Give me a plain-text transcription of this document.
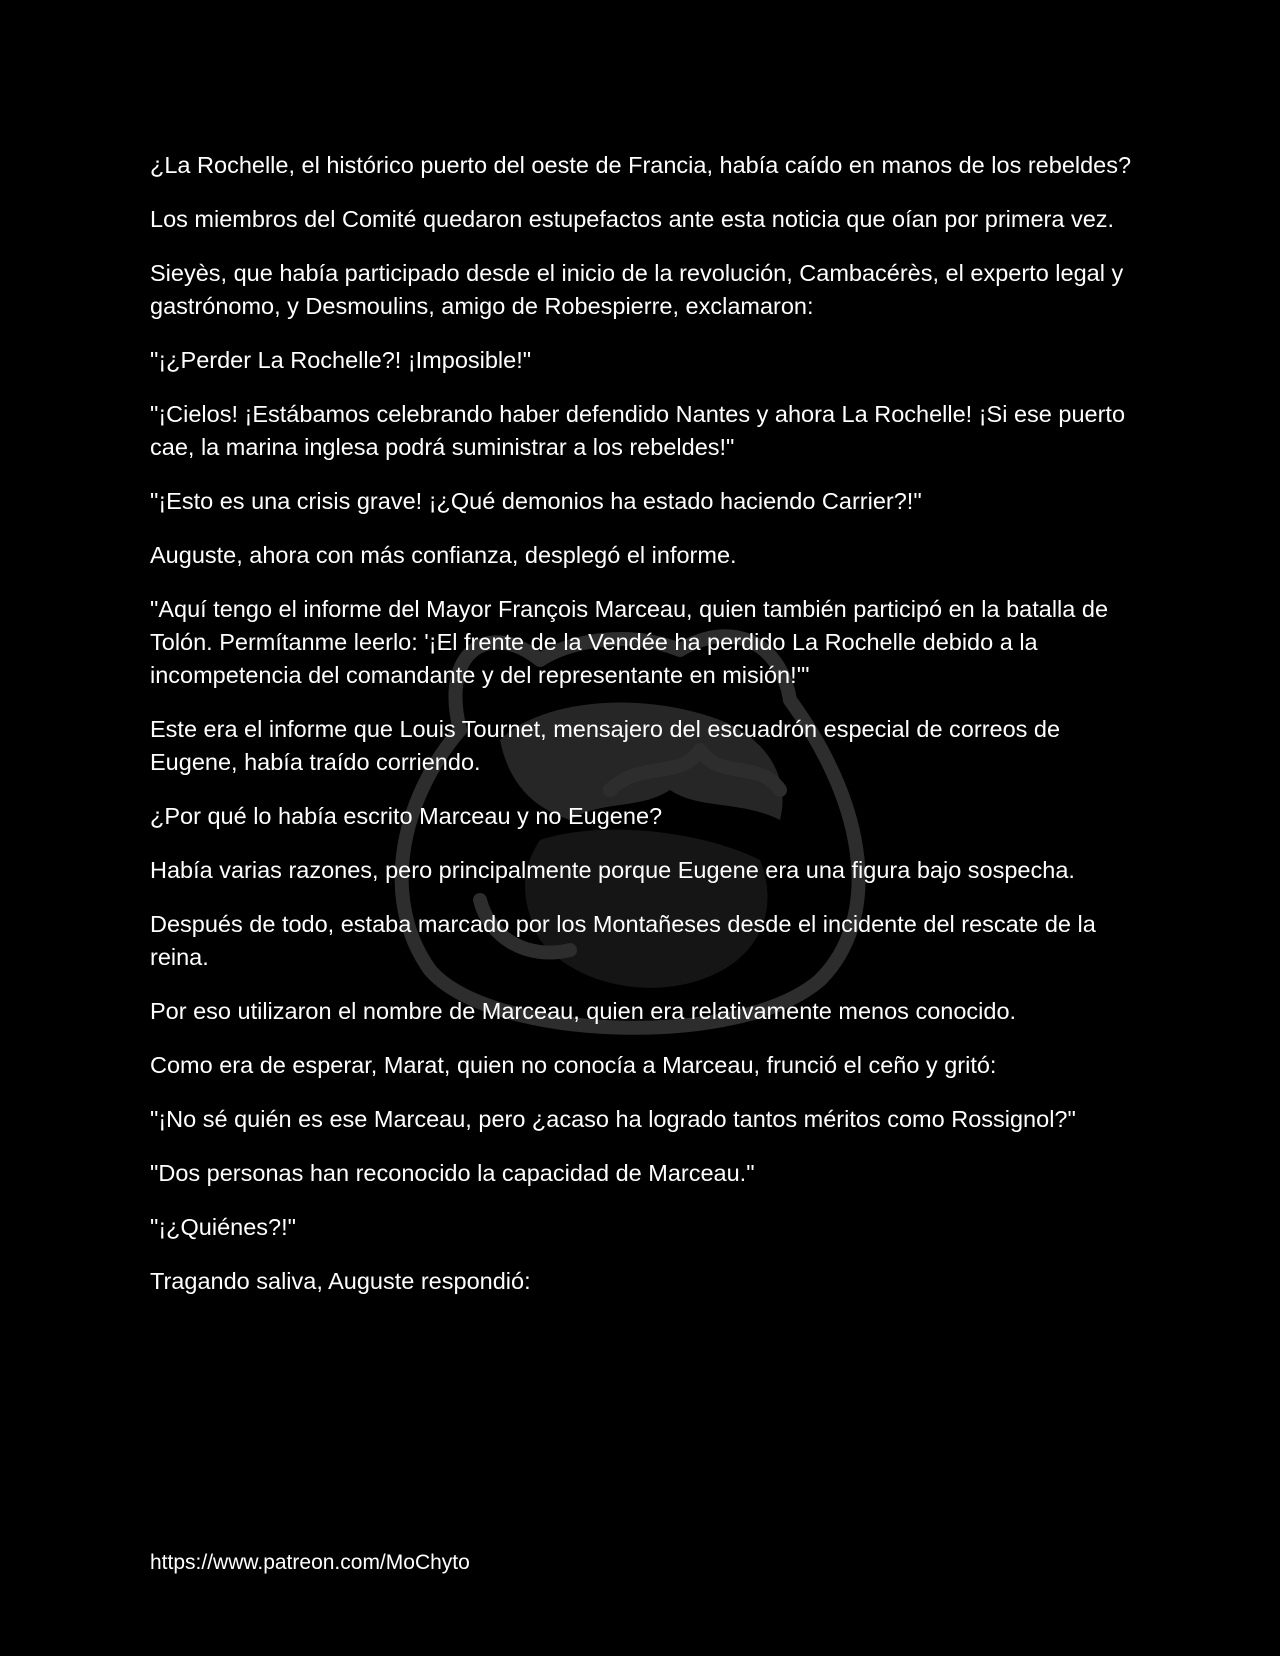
¿La Rochelle, el histórico puerto del oeste de Francia, había caído en manos de los rebeldes?

Los miembros del Comité quedaron estupefactos ante esta noticia que oían por primera vez.

Sieyès, que había participado desde el inicio de la revolución, Cambacérès, el experto legal y gastrónomo, y Desmoulins, amigo de Robespierre, exclamaron:

"¡¿Perder La Rochelle?! ¡Imposible!"

"¡Cielos! ¡Estábamos celebrando haber defendido Nantes y ahora La Rochelle! ¡Si ese puerto cae, la marina inglesa podrá suministrar a los rebeldes!"

"¡Esto es una crisis grave! ¡¿Qué demonios ha estado haciendo Carrier?!"

Auguste, ahora con más confianza, desplegó el informe.

"Aquí tengo el informe del Mayor François Marceau, quien también participó en la batalla de Tolón. Permítanme leerlo: '¡El frente de la Vendée ha perdido La Rochelle debido a la incompetencia del comandante y del representante en misión!'"

Este era el informe que Louis Tournet, mensajero del escuadrón especial de correos de Eugene, había traído corriendo.

¿Por qué lo había escrito Marceau y no Eugene?

Había varias razones, pero principalmente porque Eugene era una figura bajo sospecha.

Después de todo, estaba marcado por los Montañeses desde el incidente del rescate de la reina.

Por eso utilizaron el nombre de Marceau, quien era relativamente menos conocido.

Como era de esperar, Marat, quien no conocía a Marceau, frunció el ceño y gritó:

"¡No sé quién es ese Marceau, pero ¿acaso ha logrado tantos méritos como Rossignol?"

"Dos personas han reconocido la capacidad de Marceau."

"¡¿Quiénes?!"

Tragando saliva, Auguste respondió:

https://www.patreon.com/MoChyto
